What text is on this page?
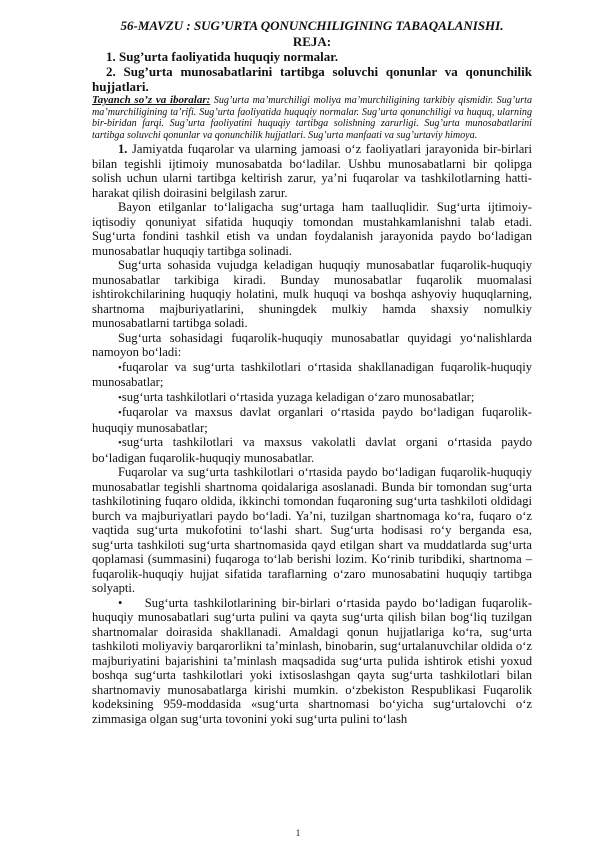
56-MAVZU : SUG’URTA QONUNCHILIGINING TABAQALANISHI.

REJA:

1. Sug’urta faoliyatida huquqiy normalar.

2. Sug’urta munosabatlarini tartibga soluvchi qonunlar va qonunchilik hujjatlari.

Tayanch so’z va iboralar: Sug’urta ma’murchiligi moliya ma’murchiligining tarkibiy qismidir. Sug’urta ma’murchiligining ta’rifi. Sug’urta faoliyatida huquqiy normalar. Sug’urta qonunchiligi va huquq, ularning bir-biridan farqi. Sug’urta faoliyatini huquqiy tartibga solishning zarurligi. Sug’urta munosabatlarini tartibga soluvchi qonunlar va qonunchilik hujjatlari. Sug’urta manfaati va sug’urtaviy himoya.

1. Jamiyatda fuqarolar va ularning jamoasi o‘z faoliyatlari jarayonida bir-birlari bilan tegishli ijtimoiy munosabatda bo‘ladilar. Ushbu munosabatlarni bir qolipga solish uchun ularni tartibga keltirish zarur, ya’ni fuqarolar va tashkilotlarning hatti-harakat qilish doirasini belgilash zarur.

Bayon etilganlar to‘laligacha sug‘urtaga ham taalluqlidir. Sug‘urta ijtimoiy-iqtisodiy qonuniyat sifatida huquqiy tomondan mustahkamlanishni talab etadi. Sug‘urta fondini tashkil etish va undan foydalanish jarayonida paydo bo‘ladigan munosabatlar huquqiy tartibga solinadi.

Sug‘urta sohasida vujudga keladigan huquqiy munosabatlar fuqarolik-huquqiy munosabatlar tarkibiga kiradi. Bunday munosabatlar fuqarolik muomalasi ishtirokchilarining huquqiy holatini, mulk huquqi va boshqa ashyoviy huquqlarning, shartnoma majburiyatlarini, shuningdek mulkiy hamda shaxsiy nomulkiy munosabatlarni tartibga soladi.

Sug‘urta sohasidagi fuqarolik-huquqiy munosabatlar quyidagi yo‘nalishlarda namoyon bo‘ladi:

•fuqarolar va sug‘urta tashkilotlari o‘rtasida shakllanadigan fuqarolik-huquqiy munosabatlar;

•sug‘urta tashkilotlari o‘rtasida yuzaga keladigan o‘zaro munosabatlar;

•fuqarolar va maxsus davlat organlari o‘rtasida paydo bo‘ladigan fuqarolik-huquqiy munosabatlar;

•sug‘urta tashkilotlari va maxsus vakolatli davlat organi o‘rtasida paydo bo‘ladigan fuqarolik-huquqiy munosabatlar.

Fuqarolar va sug‘urta tashkilotlari o‘rtasida paydo bo‘ladigan fuqarolik-huquqiy munosabatlar tegishli shartnoma qoidalariga asoslanadi. Bunda bir tomondan sug‘urta tashkilotining fuqaro oldida, ikkinchi tomondan fuqaroning sug‘urta tashkiloti oldidagi burch va majburiyatlari paydo bo‘ladi. Ya’ni, tuzilgan shartnomaga ko‘ra, fuqaro o‘z vaqtida sug‘urta mukofotini to‘lashi shart. Sug‘urta hodisasi ro‘y berganda esa, sug‘urta tashkiloti sug‘urta shartnomasida qayd etilgan shart va muddatlarda sug‘urta qoplamasi (summasini) fuqaroga to‘lab berishi lozim. Ko‘rinib turibdiki, shartnoma –fuqarolik-huquqiy hujjat sifatida taraflarning o‘zaro munosabatini huquqiy tartibga solyapti.

• Sug‘urta tashkilotlarining bir-birlari o‘rtasida paydo bo‘ladigan fuqarolik-huquqiy munosabatlari sug‘urta pulini va qayta sug‘urta qilish bilan bog‘liq tuzilgan shartnomalar doirasida shakllanadi. Amaldagi qonun hujjatlariga ko‘ra, sug‘urta tashkiloti moliyaviy barqarorlikni ta’minlash, binobarin, sug‘urtalanuvchilar oldida o‘z majburiyatini bajarishini ta’minlash maqsadida sug‘urta pulida ishtirok etishi yoxud boshqa sug‘urta tashkilotlari yoki ixtisoslashgan qayta sug‘urta tashkilotlari bilan shartnomaviy munosabatlarga kirishi mumkin. o‘zbekiston Respublikasi Fuqarolik kodeksining 959-moddasida «sug‘urta shartnomasi bo‘yicha sug‘urtalovchi o‘z zimmasiga olgan sug‘urta tovonini yoki sug‘urta pulini to‘lash

1
